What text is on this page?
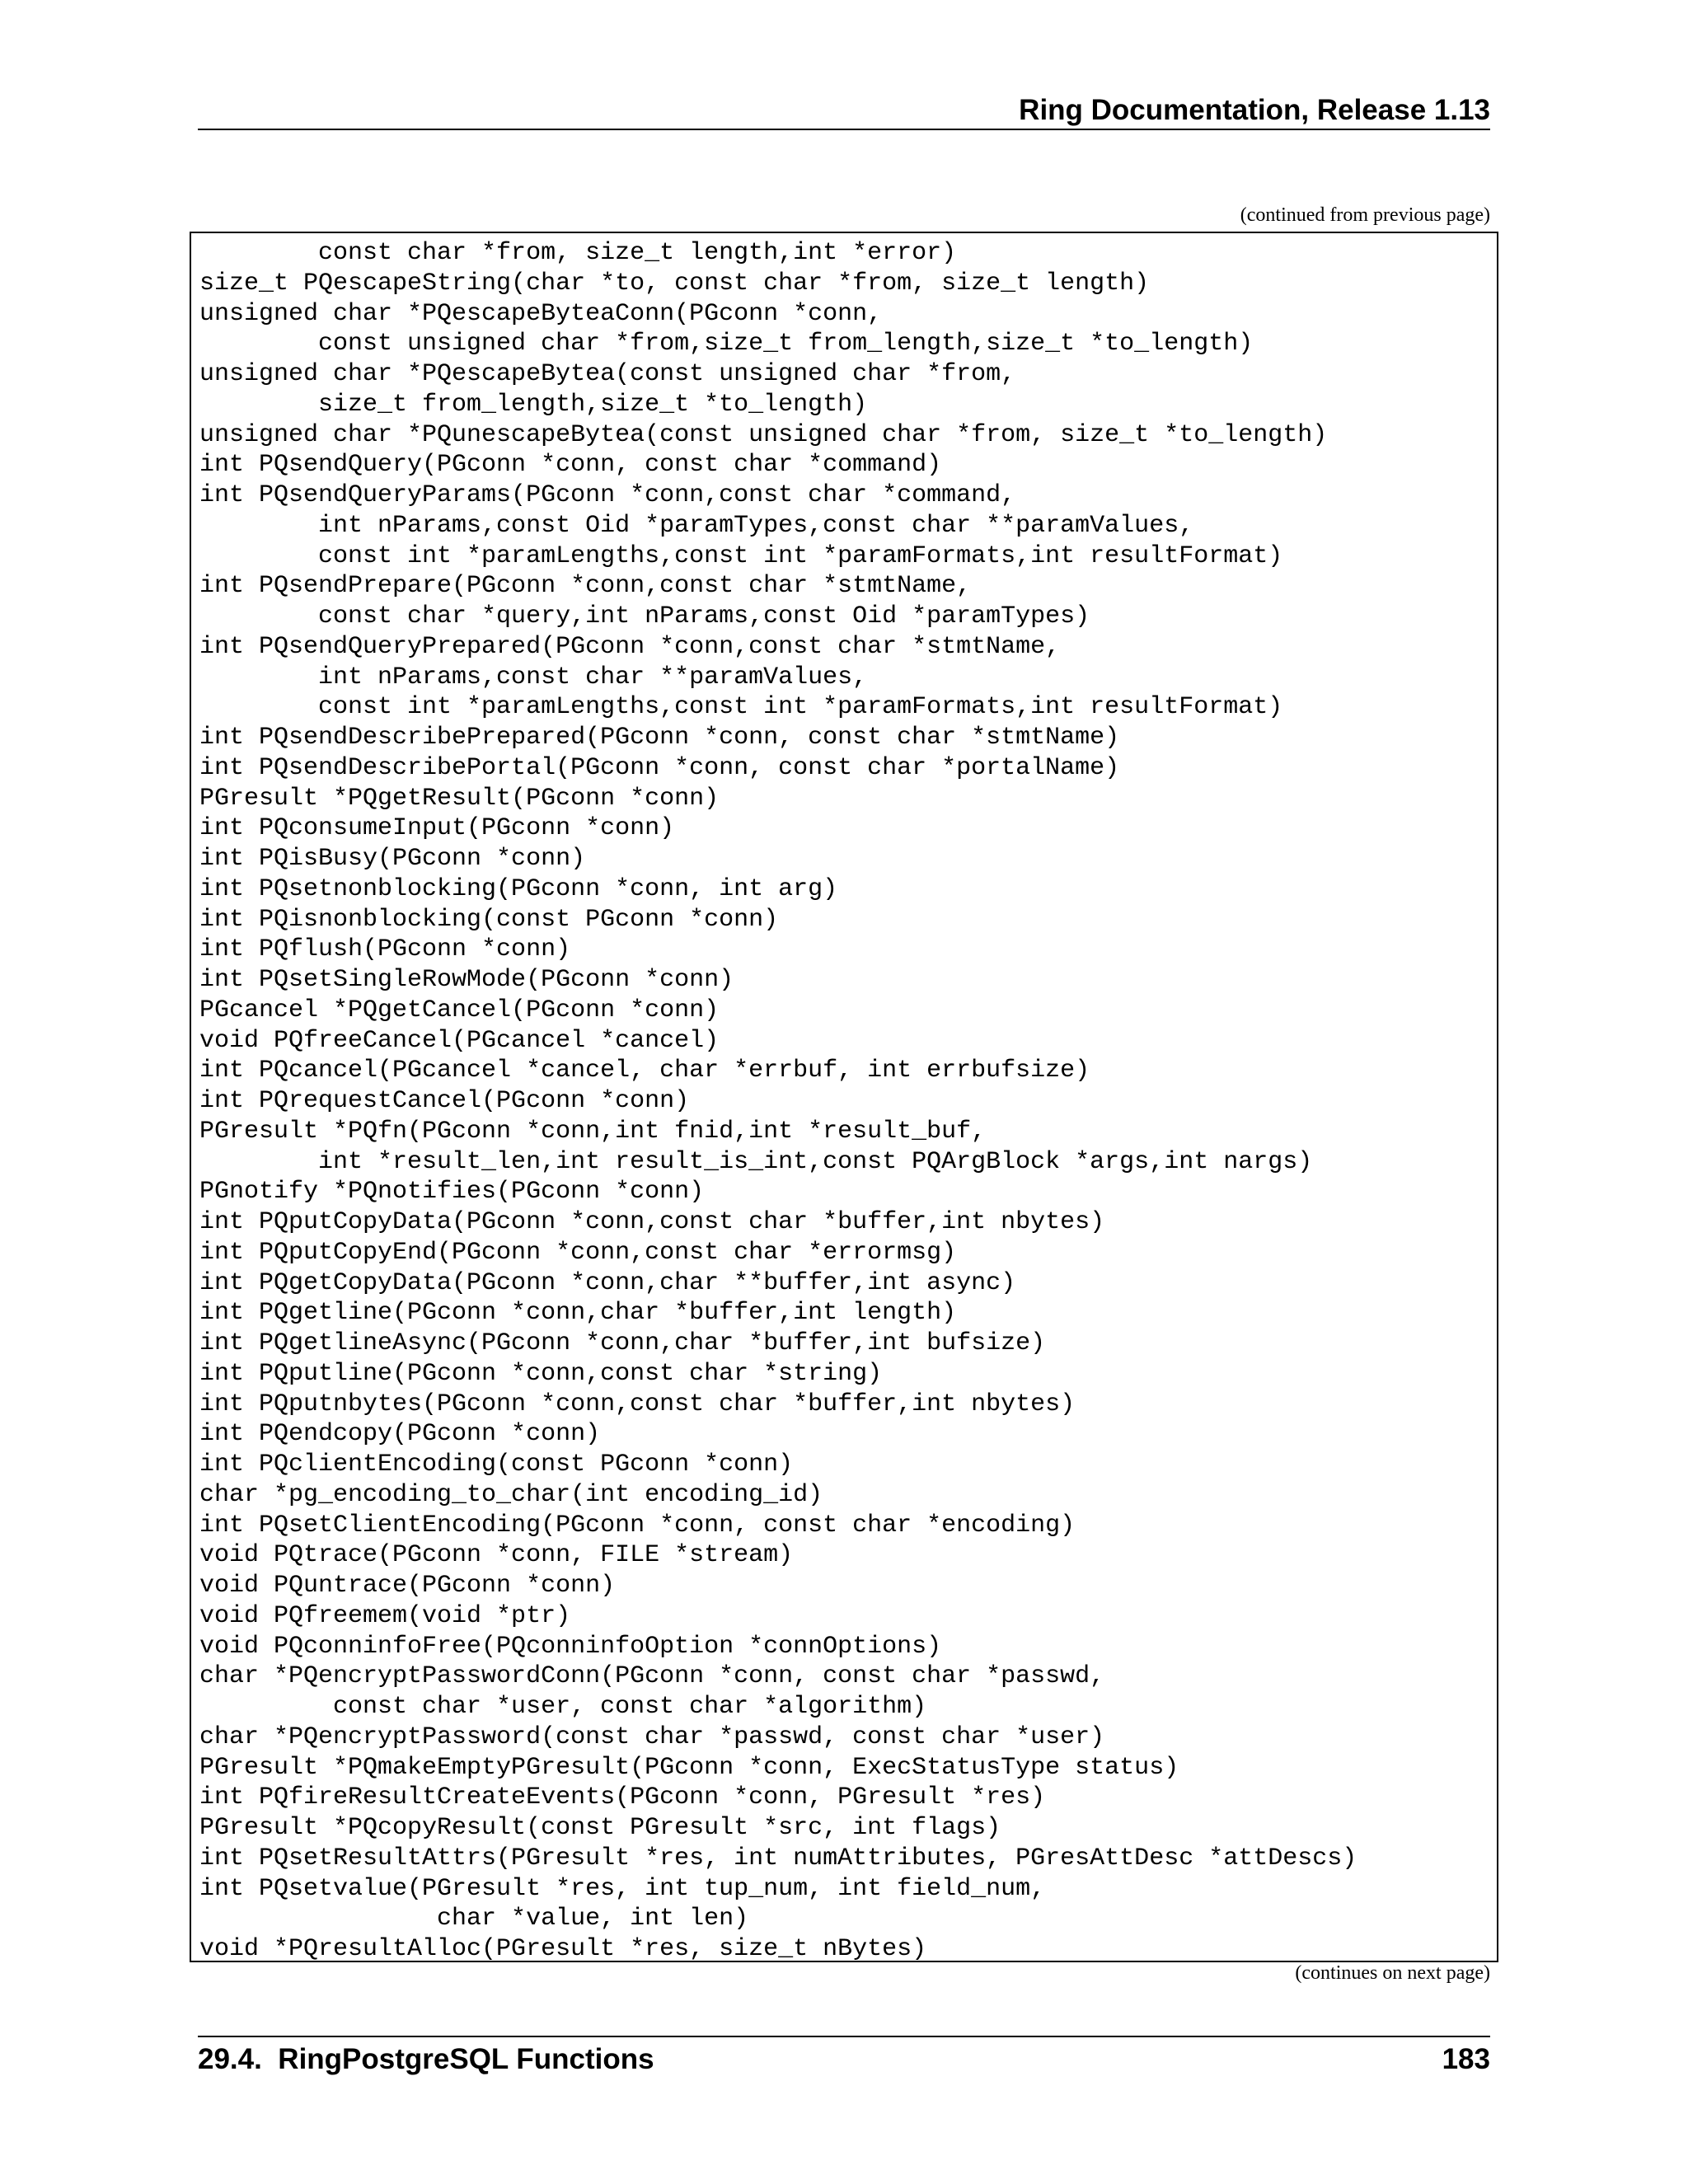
Ring Documentation, Release 1.13
(continued from previous page)
const char *from, size_t length,int *error)
size_t PQescapeString(char *to, const char *from, size_t length)
unsigned char *PQescapeByteaConn(PGconn *conn,
const unsigned char *from,size_t from_length,size_t *to_length)
unsigned char *PQescapeBytea(const unsigned char *from,
size_t from_length,size_t *to_length)
unsigned char *PQunescapeBytea(const unsigned char *from, size_t *to_length)
int PQsendQuery(PGconn *conn, const char *command)
int PQsendQueryParams(PGconn *conn,const char *command,
int nParams,const Oid *paramTypes,const char **paramValues,
const int *paramLengths,const int *paramFormats,int resultFormat)
int PQsendPrepare(PGconn *conn,const char *stmtName,
const char *query,int nParams,const Oid *paramTypes)
int PQsendQueryPrepared(PGconn *conn,const char *stmtName,
int nParams,const char **paramValues,
const int *paramLengths,const int *paramFormats,int resultFormat)
int PQsendDescribePrepared(PGconn *conn, const char *stmtName)
int PQsendDescribePortal(PGconn *conn, const char *portalName)
PGresult *PQgetResult(PGconn *conn)
int PQconsumeInput(PGconn *conn)
int PQisBusy(PGconn *conn)
int PQsetnonblocking(PGconn *conn, int arg)
int PQisnonblocking(const PGconn *conn)
int PQflush(PGconn *conn)
int PQsetSingleRowMode(PGconn *conn)
PGcancel *PQgetCancel(PGconn *conn)
void PQfreeCancel(PGcancel *cancel)
int PQcancel(PGcancel *cancel, char *errbuf, int errbufsize)
int PQrequestCancel(PGconn *conn)
PGresult *PQfn(PGconn *conn,int fnid,int *result_buf,
int *result_len,int result_is_int,const PQArgBlock *args,int nargs)
PGnotify *PQnotifies(PGconn *conn)
int PQputCopyData(PGconn *conn,const char *buffer,int nbytes)
int PQputCopyEnd(PGconn *conn,const char *errormsg)
int PQgetCopyData(PGconn *conn,char **buffer,int async)
int PQgetline(PGconn *conn,char *buffer,int length)
int PQgetlineAsync(PGconn *conn,char *buffer,int bufsize)
int PQputline(PGconn *conn,const char *string)
int PQputnbytes(PGconn *conn,const char *buffer,int nbytes)
int PQendcopy(PGconn *conn)
int PQclientEncoding(const PGconn *conn)
char *pg_encoding_to_char(int encoding_id)
int PQsetClientEncoding(PGconn *conn, const char *encoding)
void PQtrace(PGconn *conn, FILE *stream)
void PQuntrace(PGconn *conn)
void PQfreemem(void *ptr)
void PQconninfoFree(PQconninfoOption *connOptions)
char *PQencryptPasswordConn(PGconn *conn, const char *passwd,
const char *user, const char *algorithm)
char *PQencryptPassword(const char *passwd, const char *user)
PGresult *PQmakeEmptyPGresult(PGconn *conn, ExecStatusType status)
int PQfireResultCreateEvents(PGconn *conn, PGresult *res)
PGresult *PQcopyResult(const PGresult *src, int flags)
int PQsetResultAttrs(PGresult *res, int numAttributes, PGresAttDesc *attDescs)
int PQsetvalue(PGresult *res, int tup_num, int field_num,
char *value, int len)
void *PQresultAlloc(PGresult *res, size_t nBytes)
(continues on next page)
29.4.  RingPostgreSQL Functions	183
